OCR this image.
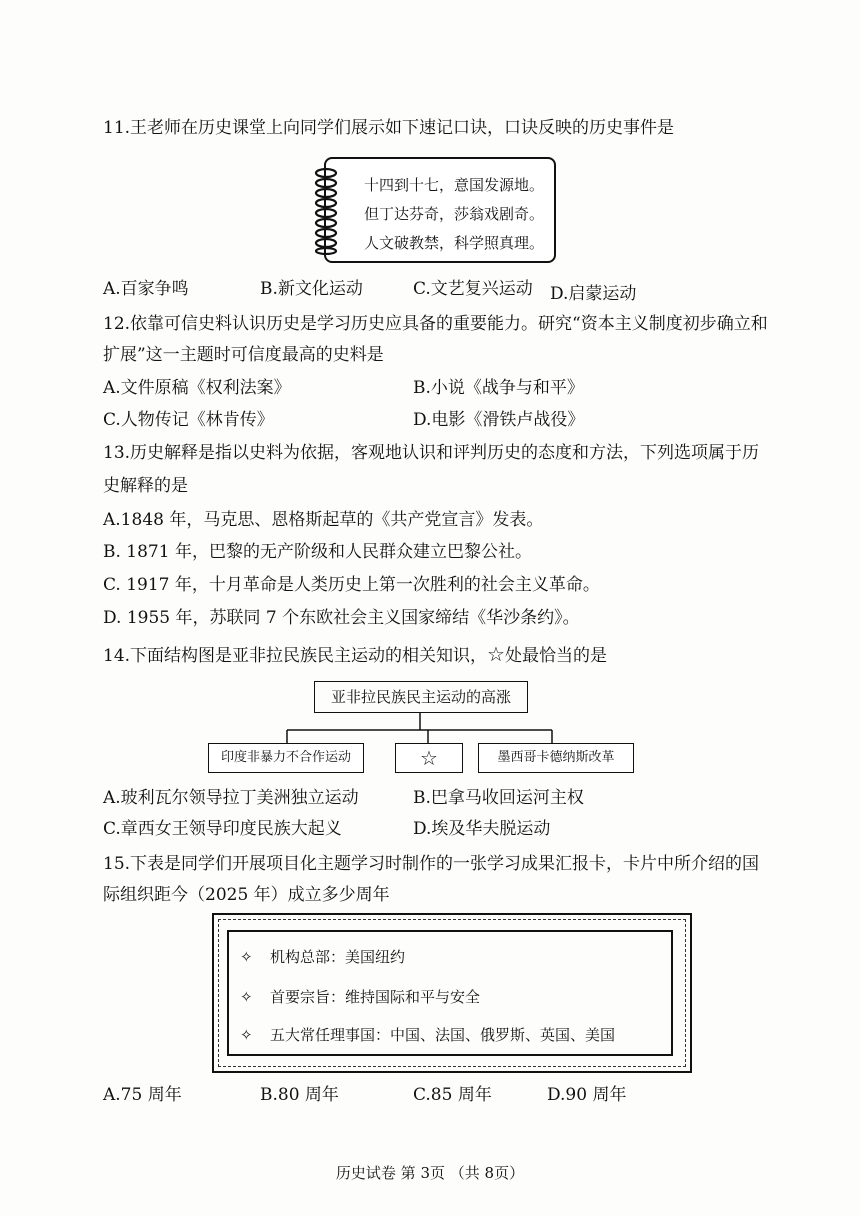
11.王老师在历史课堂上向同学们展示如下速记口诀，口诀反映的历史事件是
十四到十七，意国发源地。
但丁达芬奇，莎翁戏剧奇。
人文破教禁，科学照真理。
A.百家争鸣	B.新文化运动	C.文艺复兴运动 D.启蒙运动
12.依靠可信史料认识历史是学习历史应具备的重要能力。研究“资本主义制度初步确立和
扩展”这一主题时可信度最高的史料是
A.文件原稿《权利法案》	B.小说《战争与和平》
C.人物传记《林肯传》	D.电影《滑铁卢战役》
13.历史解释是指以史料为依据，客观地认识和评判历史的态度和方法，下列选项属于历
史解释的是
A.1848 年，马克思、恩格斯起草的《共产党宣言》发表。
B. 1871 年，巴黎的无产阶级和人民群众建立巴黎公社。
C. 1917 年，十月革命是人类历史上第一次胜利的社会主义革命。
D. 1955 年，苏联同 7 个东欧社会主义国家缔结《华沙条约》。
14.下面结构图是亚非拉民族民主运动的相关知识，☆处最恰当的是
亚非拉民族民主运动的高涨
印度非暴力不合作运动	☆	墨西哥卡德纳斯改革
A.玻利瓦尔领导拉丁美洲独立运动	B.巴拿马收回运河主权
C.章西女王领导印度民族大起义	D.埃及华夫脱运动
15.下表是同学们开展项目化主题学习时制作的一张学习成果汇报卡，卡片中所介绍的国
际组织距今（2025 年）成立多少周年
✧ 机构总部：美国纽约
✧ 首要宗旨：维持国际和平与安全
✧ 五大常任理事国：中国、法国、俄罗斯、英国、美国
A.75 周年	B.80 周年	C.85 周年	D.90 周年
历史试卷 第 3页 （共 8页）
